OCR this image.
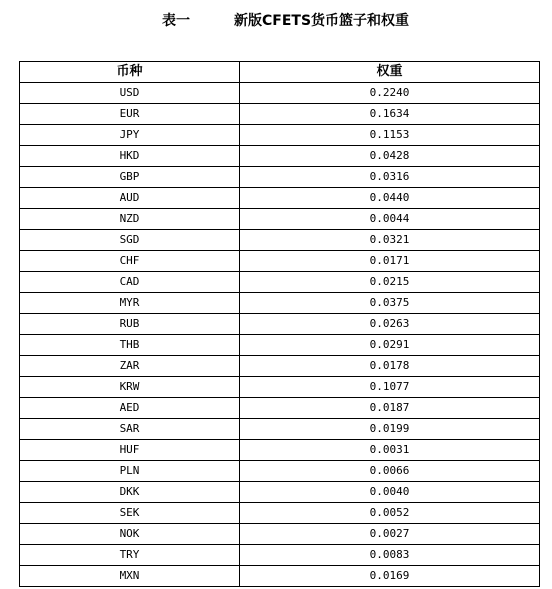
表一	新版CFETS货币篮子和权重
币种	权重
USD	0.2240
EUR	0.1634
JPY	0.1153
HKD	0.0428
GBP	0.0316
AUD	0.0440
NZD	0.0044
SGD	0.0321
CHF	0.0171
CAD	0.0215
MYR	0.0375
RUB	0.0263
THB	0.0291
ZAR	0.0178
KRW	0.1077
AED	0.0187
SAR	0.0199
HUF	0.0031
PLN	0.0066
DKK	0.0040
SEK	0.0052
NOK	0.0027
TRY	0.0083
MXN	0.0169
